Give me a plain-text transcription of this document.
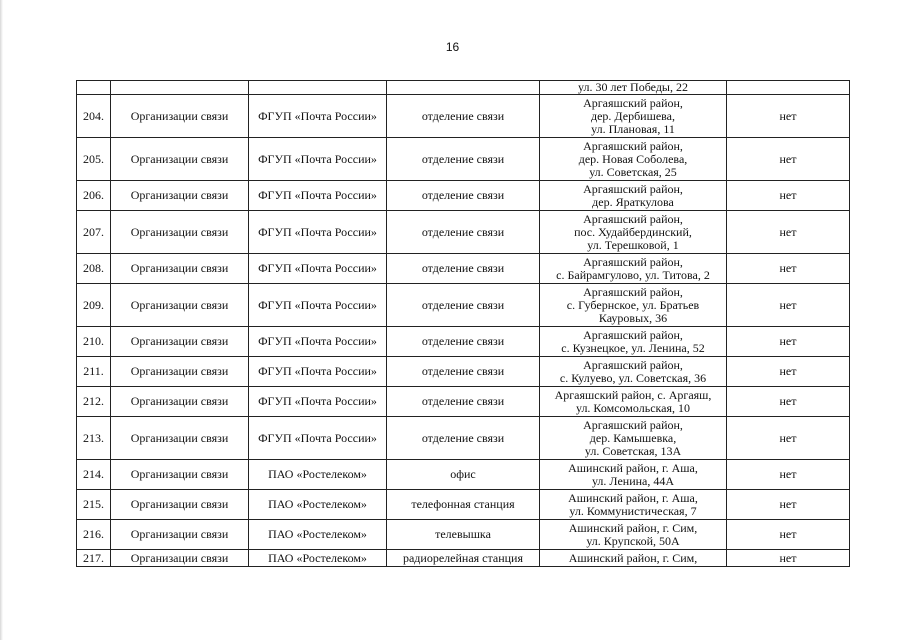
16
				ул. 30 лет Победы, 22	
204.	Организации связи	ФГУП «Почта России»	отделение связи	Аргаяшский район,
дер. Дербишева,
ул. Плановая, 11	нет
205.	Организации связи	ФГУП «Почта России»	отделение связи	Аргаяшский район,
дер. Новая Соболева,
ул. Советская, 25	нет
206.	Организации связи	ФГУП «Почта России»	отделение связи	Аргаяшский район,
дер. Яраткулова	нет
207.	Организации связи	ФГУП «Почта России»	отделение связи	Аргаяшский район,
пос. Худайбердинский,
ул. Терешковой, 1	нет
208.	Организации связи	ФГУП «Почта России»	отделение связи	Аргаяшский район,
с. Байрамгулово, ул. Титова, 2	нет
209.	Организации связи	ФГУП «Почта России»	отделение связи	Аргаяшский район,
с. Губернское, ул. Братьев
Кауровых, 36	нет
210.	Организации связи	ФГУП «Почта России»	отделение связи	Аргаяшский район,
с. Кузнецкое, ул. Ленина, 52	нет
211.	Организации связи	ФГУП «Почта России»	отделение связи	Аргаяшский район,
с. Кулуево, ул. Советская, 36	нет
212.	Организации связи	ФГУП «Почта России»	отделение связи	Аргаяшский район, с. Аргаяш,
ул. Комсомольская, 10	нет
213.	Организации связи	ФГУП «Почта России»	отделение связи	Аргаяшский район,
дер. Камышевка,
ул. Советская, 13А	нет
214.	Организации связи	ПАО «Ростелеком»	офис	Ашинский район, г. Аша,
ул. Ленина, 44А	нет
215.	Организации связи	ПАО «Ростелеком»	телефонная станция	Ашинский район, г. Аша,
ул. Коммунистическая, 7	нет
216.	Организации связи	ПАО «Ростелеком»	телевышка	Ашинский район, г. Сим,
ул. Крупской, 50А	нет
217.	Организации связи	ПАО «Ростелеком»	радиорелейная станция	Ашинский район, г. Сим,	нет
